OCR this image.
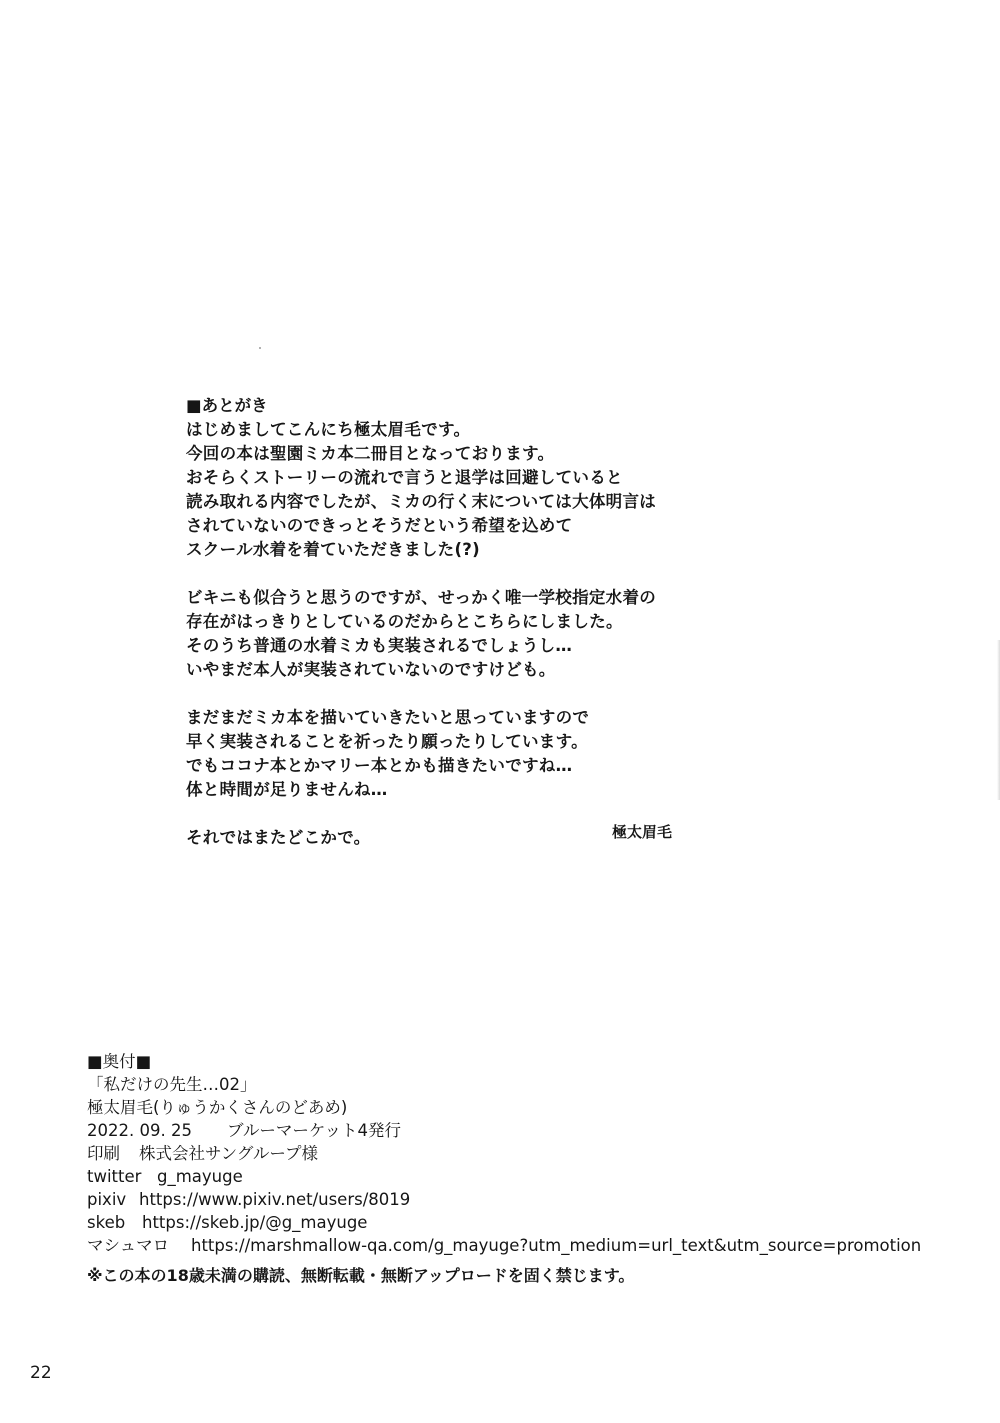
■あとがき
はじめましてこんにち極太眉毛です。
今回の本は聖園ミカ本二冊目となっております。
おそらくストーリーの流れで言うと退学は回避していると
読み取れる内容でしたが、ミカの行く末については大体明言は
されていないのできっとそうだという希望を込めて
スクール水着を着ていただきました(?)
ビキニも似合うと思うのですが、せっかく唯一学校指定水着の
存在がはっきりとしているのだからとこちらにしました。
そのうち普通の水着ミカも実装されるでしょうし…
いやまだ本人が実装されていないのですけども。
まだまだミカ本を描いていきたいと思っていますので
早く実装されることを祈ったり願ったりしています。
でもココナ本とかマリー本とかも描きたいですね…
体と時間が足りませんね…
それではまたどこかで。	極太眉毛
■奥付■
「私だけの先生…02」
極太眉毛(りゅうかくさんのどあめ)
2022. 09. 25 ブルーマーケット4発行
印刷 株式会社サングループ様
twitter g_mayuge
pixiv https://www.pixiv.net/users/8019
skeb https://skeb.jp/@g_mayuge
マシュマロ https://marshmallow-qa.com/g_mayuge?utm_medium=url_text&utm_source=promotion
※この本の18歳未満の購読、無断転載・無断アップロードを固く禁じます。
22
